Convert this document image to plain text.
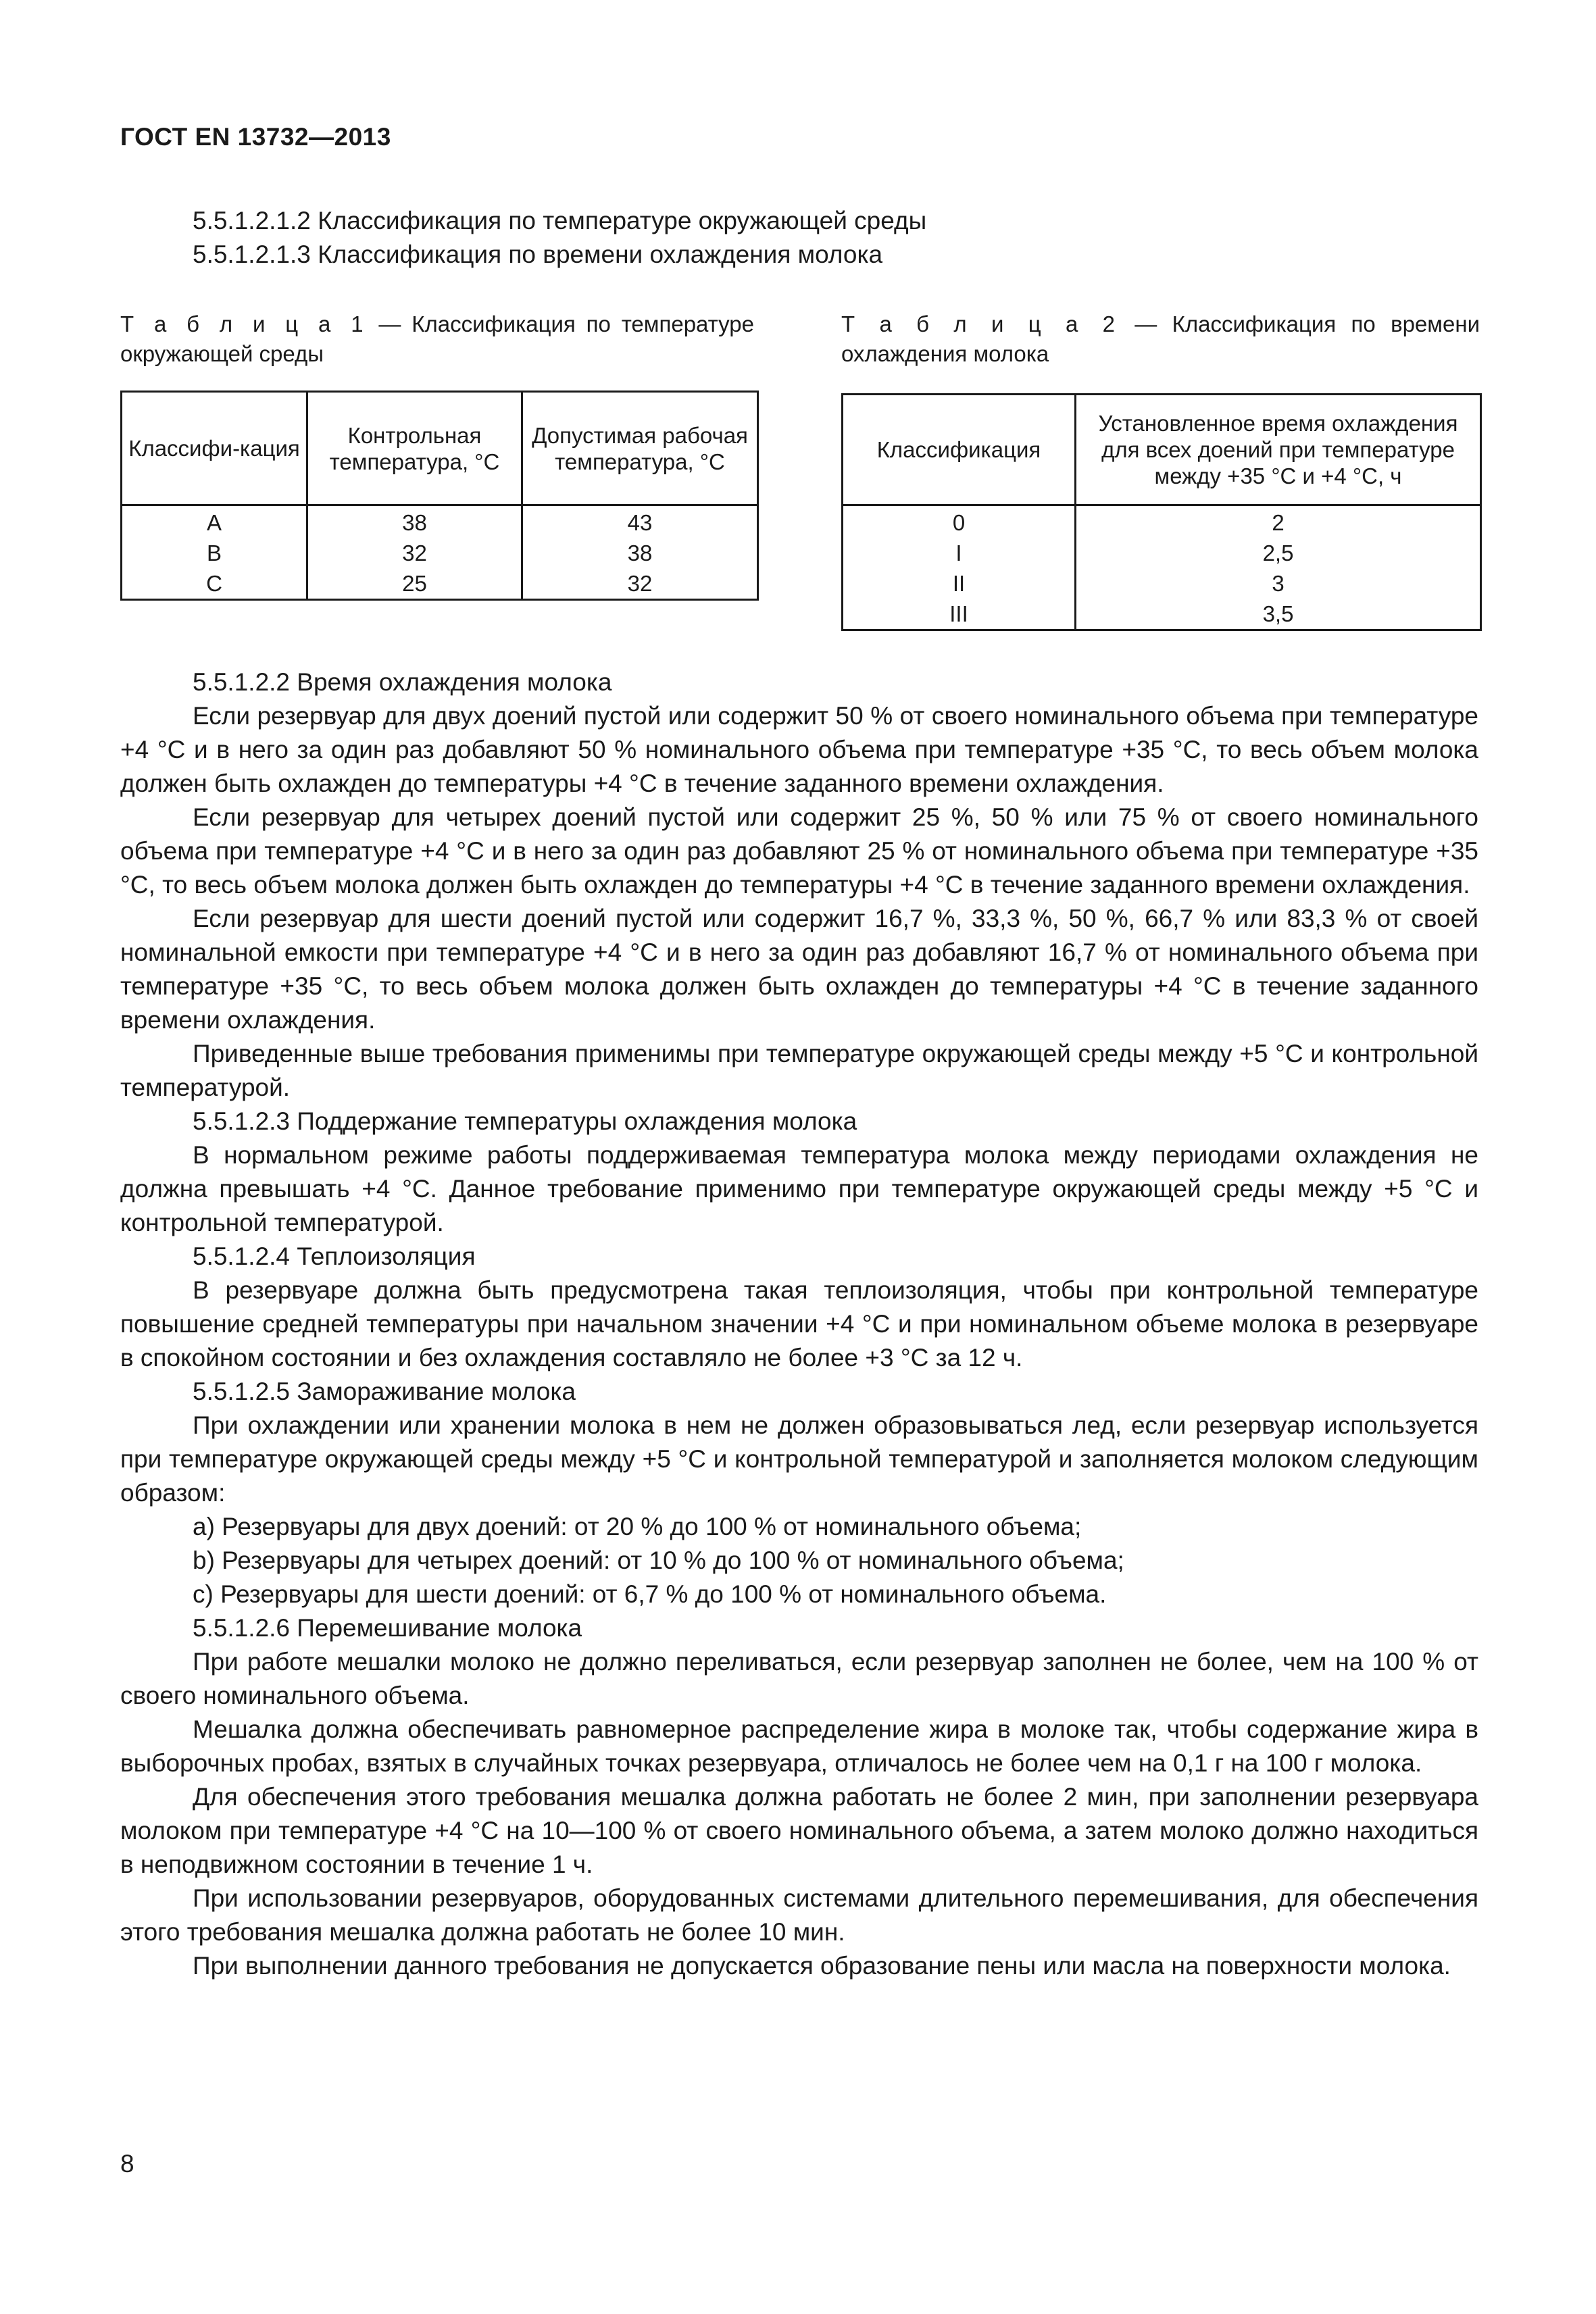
ГОСТ EN 13732—2013
5.5.1.2.1.2 Классификация по температуре окружающей среды
5.5.1.2.1.3 Классификация по времени охлаждения молока
Т а б л и ц а 1 — Классификация по температуре окружающей среды
Т а б л и ц а 2 — Классификация по времени охлаждения молока
Классифи-кация	Контрольная температура, °С	Допустимая рабочая температура, °С
A	38	43
B	32	38
C	25	32
Классификация	Установленное время охлаждения для всех доений при температуре между +35 °С и +4 °С, ч
0	2
I	2,5
II	3
III	3,5

5.5.1.2.2 Время охлаждения молока

Если резервуар для двух доений пустой или содержит 50 % от своего номинального объема при температуре +4 °С и в него за один раз добавляют 50 % номинального объема при температуре +35 °С, то весь объем молока должен быть охлажден до температуры +4 °С в течение заданного времени охлаждения.

Если резервуар для четырех доений пустой или содержит 25 %, 50 % или 75 % от своего номинального объема при температуре +4 °С и в него за один раз добавляют 25 % от номинального объема при температуре +35 °С, то весь объем молока должен быть охлажден до температуры +4 °С в течение заданного времени охлаждения.

Если резервуар для шести доений пустой или содержит 16,7 %, 33,3 %, 50 %, 66,7 % или 83,3 % от своей номинальной емкости при температуре +4 °С и в него за один раз добавляют 16,7 % от номинального объема при температуре +35 °С, то весь объем молока должен быть охлажден до температуры +4 °С в течение заданного времени охлаждения.

Приведенные выше требования применимы при температуре окружающей среды между +5 °С и контрольной температурой.

5.5.1.2.3 Поддержание температуры охлаждения молока

В нормальном режиме работы поддерживаемая температура молока между периодами охлаждения не должна превышать +4 °С. Данное требование применимо при температуре окружающей среды между +5 °С и контрольной температурой.

5.5.1.2.4 Теплоизоляция

В резервуаре должна быть предусмотрена такая теплоизоляция, чтобы при контрольной температуре повышение средней температуры при начальном значении +4 °С и при номинальном объеме молока в резервуаре в спокойном состоянии и без охлаждения составляло не более +3 °С за 12 ч.

5.5.1.2.5 Замораживание молока

При охлаждении или хранении молока в нем не должен образовываться лед, если резервуар используется при температуре окружающей среды между +5 °С и контрольной температурой и заполняется молоком следующим образом:

a) Резервуары для двух доений: от 20 % до 100 % от номинального объема;

b) Резервуары для четырех доений: от 10 % до 100 % от номинального объема;

c) Резервуары для шести доений: от 6,7 % до 100 % от номинального объема.

5.5.1.2.6 Перемешивание молока

При работе мешалки молоко не должно переливаться, если резервуар заполнен не более, чем на 100 % от своего номинального объема.

Мешалка должна обеспечивать равномерное распределение жира в молоке так, чтобы содержание жира в выборочных пробах, взятых в случайных точках резервуара, отличалось не более чем на 0,1 г на 100 г молока.

Для обеспечения этого требования мешалка должна работать не более 2 мин, при заполнении резервуара молоком при температуре +4 °С на 10—100 % от своего номинального объема, а затем молоко должно находиться в неподвижном состоянии в течение 1 ч.

При использовании резервуаров, оборудованных системами длительного перемешивания, для обеспечения этого требования мешалка должна работать не более 10 мин.

При выполнении данного требования не допускается образование пены или масла на поверхности молока.

8
